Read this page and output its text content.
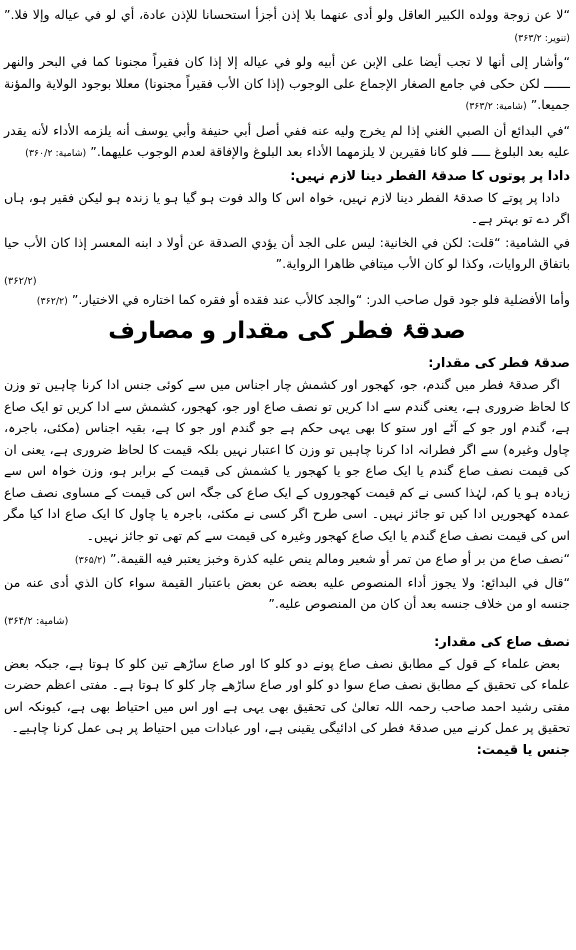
“لا عن زوجة وولده الكبير العاقل ولو أدى عنهما بلا إذن أجزأ استحسانا للإذن عادة، أي لو في عياله وإلا فلا.” (تنویر: ۳۶۳/۲)

“وأشار إلى أنها لا تجب أيضا على الإبن عن أبيه ولو في عياله إلا إذا كان فقيراً مجنونا كما في البحر والنهر ـــــــ لكن حكى في جامع الصغار الإجماع على الوجوب (إذا كان الأب فقيراً مجنونا) معللا بوجود الولاية والمؤنة جميعا.” (شامیة: ۳۶۳/۲)

“في البدائع أن الصبي الغني إذا لم يخرج وليه عنه ففي أصل أبي حنيفة وأبي يوسف أنه يلزمه الأداء لأنه يقدر عليه بعد البلوغ ـــــ فلو كانا فقيرين لا يلزمهما الأداء بعد البلوغ والإفاقة لعدم الوجوب عليهما.” (شامیة: ۳۶۰/۲)

دادا پر پوتوں کا صدقۂ الفطر دینا لازم نہیں:

دادا پر پوتے کا صدقۂ الفطر دینا لازم نہیں، خواہ اس کا والد فوت ہو گیا ہو یا زندہ ہو لیکن فقیر ہو، ہاں اگر دے تو بہتر ہے۔

في الشامية: “قلت: لكن في الخانية: ليس على الجد أن يؤدي الصدقة عن أولا د ابنه المعسر إذا كان الأب حيا باتفاق الروايات، وكذا لو كان الأب ميتافي ظاهرا الرواية.”
(۳۶۲/۲)

وأما الأفضلية فلو جود قول صاحب الدر: “والجد كالأب عند فقده أو فقره كما اختاره في الاختيار.” (۳۶۲/۲)

صدقۂ فطر کی مقدار و مصارف
صدقۂ فطر کی مقدار:

اگر صدقۂ فطر میں گندم، جو، کھجور اور کشمش چار اجناس میں سے کوئی جنس ادا کرنا چاہیں تو وزن کا لحاظ ضروری ہے، یعنی گندم سے ادا کریں تو نصف صاع اور جو، کھجور، کشمش سے ادا کریں تو ایک صاع ہے، گندم اور جو کے آٹے اور ستو کا بھی یہی حکم ہے جو گندم اور جو کا ہے، بقیہ اجناس (مکئی، باجرہ، چاول وغیرہ) سے اگر فطرانہ ادا کرنا چاہیں تو وزن کا اعتبار نہیں بلکہ قیمت کا لحاظ ضروری ہے، یعنی ان کی قیمت نصف صاع گندم یا ایک صاع جو یا کھجور یا کشمش کی قیمت کے برابر ہو، وزن خواہ اس سے زیادہ ہو یا کم، لہٰذا کسی نے کم قیمت کھجوروں کے ایک صاع کی جگہ اس کی قیمت کے مساوی نصف صاع عمدہ کھجوریں ادا کیں تو جائز نہیں۔ اسی طرح اگر کسی نے مکئی، باجرہ یا چاول کا ایک صاع ادا کیا مگر اس کی قیمت نصف صاع گندم یا ایک صاع کھجور وغیرہ کی قیمت سے کم تھی تو جائز نہیں۔

“نصف صاع من بر أو صاع من تمر أو شعير ومالم ينص عليه كذرة وخبز يعتبر فيه القيمة.” (۳۶۵/۲)

“قال في البدائع: ولا يجوز أداء المنصوص عليه بعضه عن بعض باعتبار القيمة سواء كان الذي أدى عنه من جنسه او من خلاف جنسه بعد أن كان من المنصوص عليه.”
(شامیة: ۳۶۴/۲)

نصف صاع کی مقدار:

بعض علماء کے قول کے مطابق نصف صاع پونے دو کلو کا اور صاع ساڑھے تین کلو کا ہوتا ہے، جبکہ بعض علماء کی تحقیق کے مطابق نصف صاع سوا دو کلو اور صاع ساڑھے چار کلو کا ہوتا ہے۔ مفتی اعظم حضرت مفتی رشید احمد صاحب رحمہ اللہ تعالیٰ کی تحقیق بھی یہی ہے اور اس میں احتیاط بھی ہے، کیونکہ اس تحقیق پر عمل کرنے میں صدقۂ فطر کی ادائیگی یقینی ہے، اور عبادات میں احتیاط پر ہی عمل کرنا چاہیے۔

جنس یا قیمت:
